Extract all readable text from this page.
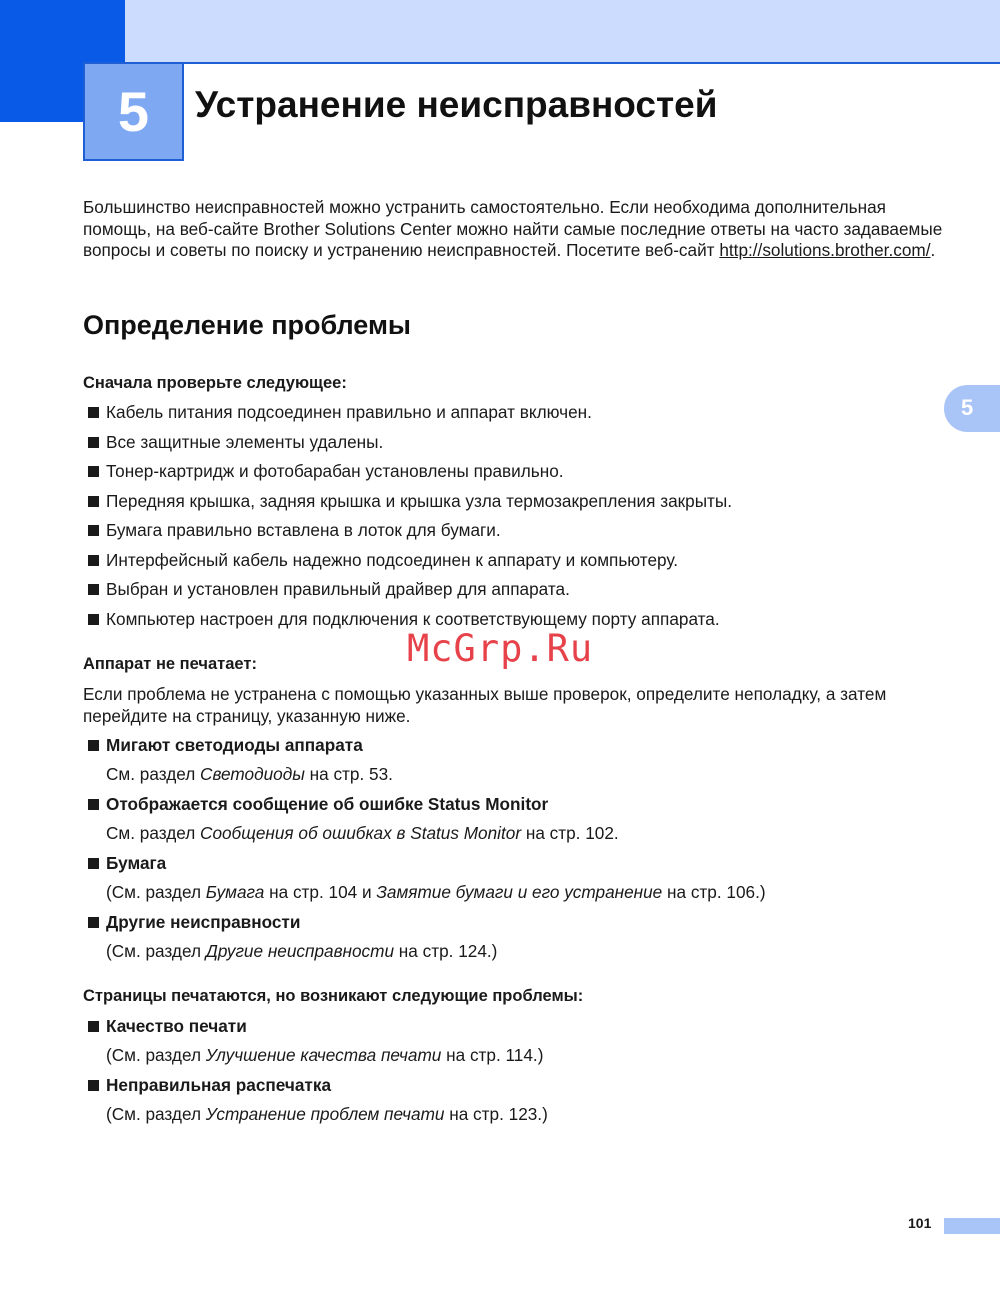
5	Устранение неисправностей
5

Большинство неисправностей можно устранить самостоятельно. Если необходима дополнительная помощь, на веб-сайте Brother Solutions Center можно найти самые последние ответы на часто задаваемые вопросы и советы по поиску и устранению неисправностей. Посетите веб-сайт http://solutions.brother.com/.

Определение проблемы

Сначала проверьте следующее:

Кабель питания подсоединен правильно и аппарат включен.
Все защитные элементы удалены.
Тонер-картридж и фотобарабан установлены правильно.
Передняя крышка, задняя крышка и крышка узла термозакрепления закрыты.
Бумага правильно вставлена в лоток для бумаги.
Интерфейсный кабель надежно подсоединен к аппарату и компьютеру.
Выбран и установлен правильный драйвер для аппарата.
Компьютер настроен для подключения к соответствующему порту аппарата.
McGrp.Ru

Аппарат не печатает:

Если проблема не устранена с помощью указанных выше проверок, определите неполадку, а затем перейдите на страницу, указанную ниже.

Мигают светодиоды аппарата
См. раздел Светодиоды на стр. 53.
Отображается сообщение об ошибке Status Monitor
См. раздел Сообщения об ошибках в Status Monitor на стр. 102.
Бумага
(См. раздел Бумага на стр. 104 и Замятие бумаги и его устранение на стр. 106.)
Другие неисправности
(См. раздел Другие неисправности на стр. 124.)

Страницы печатаются, но возникают следующие проблемы:

Качество печати
(См. раздел Улучшение качества печати на стр. 114.)
Неправильная распечатка
(См. раздел Устранение проблем печати на стр. 123.)
101
